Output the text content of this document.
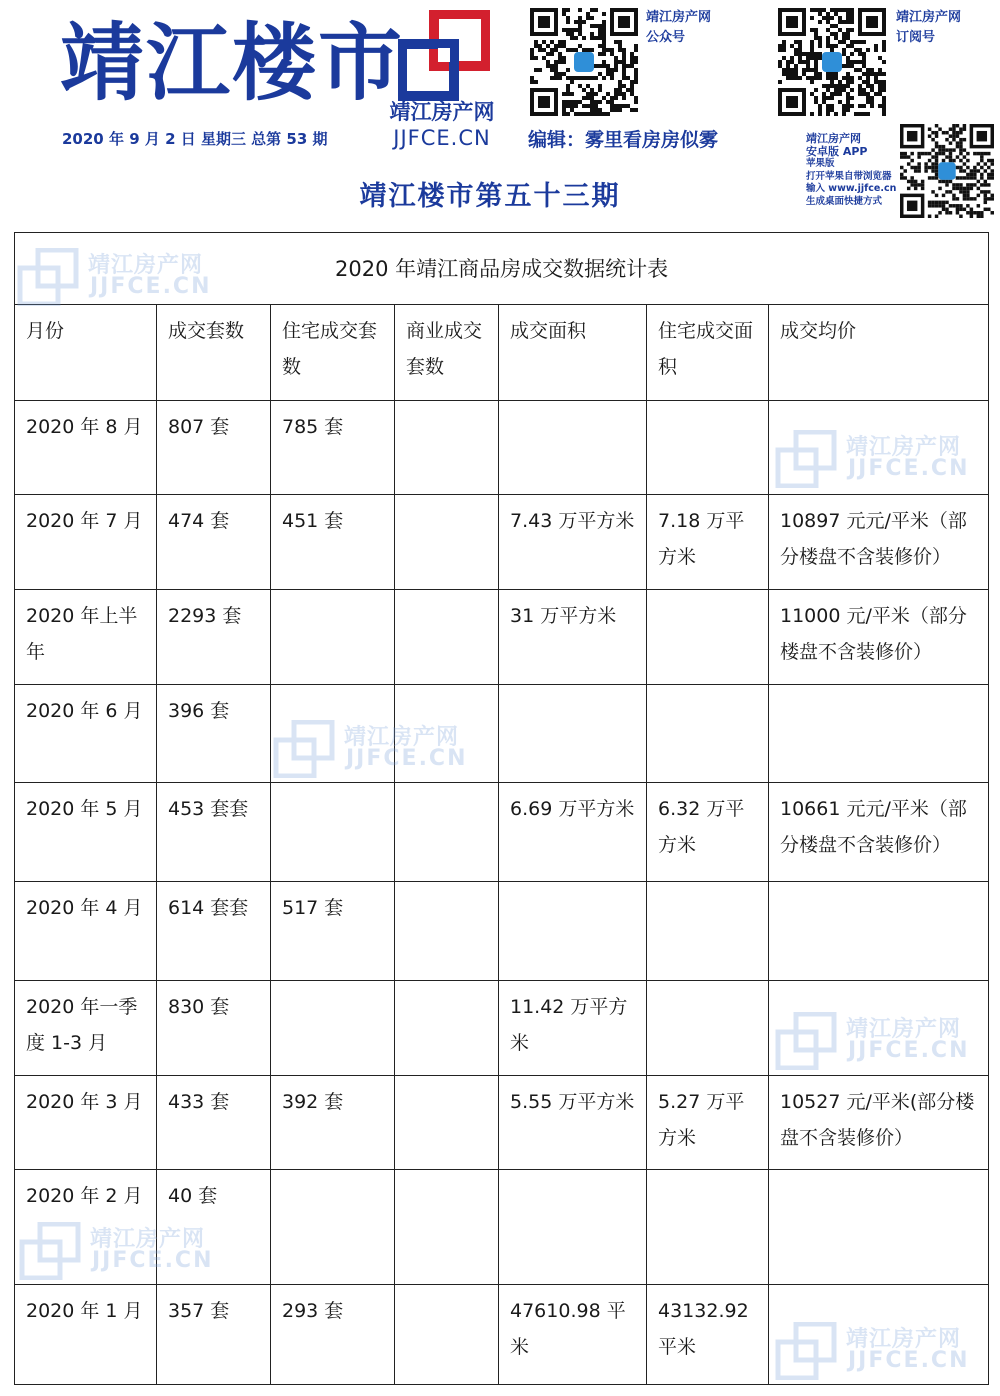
靖江楼市
2020 年 9 月 2 日 星期三 总第 53 期
靖江房产网
JJFCE.CN
靖江房产网
公众号
靖江房产网
订阅号
编辑：雾里看房房似雾	靖江房产网
安卓版 APP
苹果版
打开苹果自带浏览器
输入 www.jjfce.cn
生成桌面快捷方式
靖江楼市第五十三期
2020 年靖江商品房成交数据统计表						
月份	成交套数	住宅成交套数	商业成交套数	成交面积	住宅成交面积	成交均价
2020 年 8 月	807 套	785 套				
2020 年 7 月	474 套	451 套		7.43 万平方米	7.18 万平方米	10897 元元/平米（部分楼盘不含装修价）
2020 年上半年	2293 套			31 万平方米		11000 元/平米（部分楼盘不含装修价）
2020 年 6 月	396 套					
2020 年 5 月	453 套套			6.69 万平方米	6.32 万平方米	10661 元元/平米（部分楼盘不含装修价）
2020 年 4 月	614 套套	517 套				
2020 年一季度 1-3 月	830 套			11.42 万平方米		
2020 年 3 月	433 套	392 套		5.55 万平方米	5.27 万平方米	10527 元/平米(部分楼盘不含装修价）
2020 年 2 月	40 套					
2020 年 1 月	357 套	293 套		47610.98 平米	43132.92 平米	
靖江房产网
JJFCE.CN
靖江房产网
JJFCE.CN
靖江房产网
JJFCE.CN
靖江房产网
JJFCE.CN
靖江房产网
JJFCE.CN
靖江房产网
JJFCE.CN
